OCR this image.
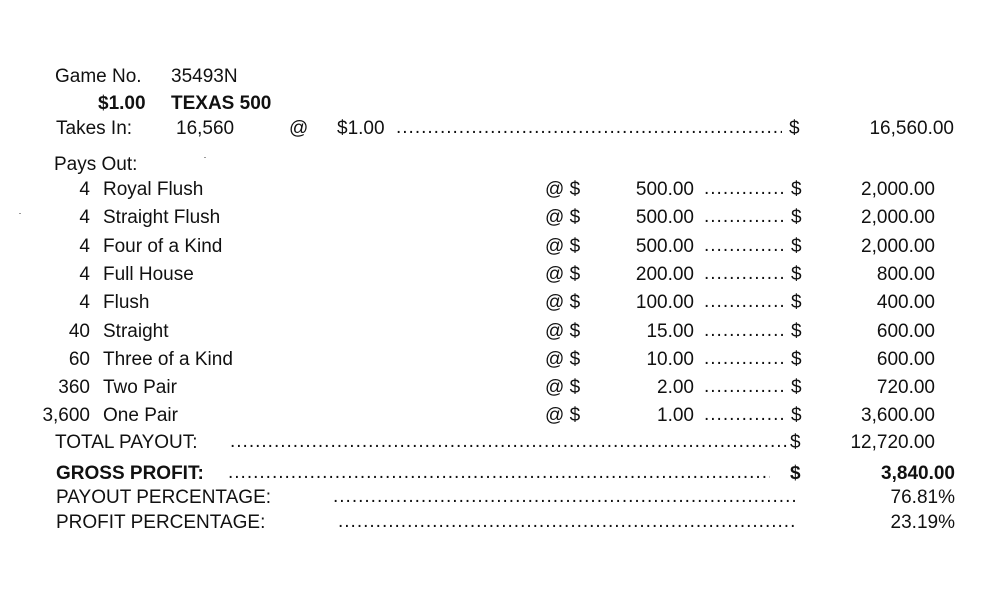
Game No. 35493N
$1.00 TEXAS 500
Takes In: 16,560	@ $1.00 .....	$	16,560.00
Pays Out:
4 Royal Flush	@ $	500.00 .....	$	2,000.00
4 Straight Flush	@ $	500.00 .....	$	2,000.00
4 Four of a Kind	@ $	500.00 .....	$	2,000.00
4 Full House	@ $	200.00 .....	$	800.00
4 Flush	@ $	100.00 .....	$	400.00
40 Straight	@ $	15.00 .....	$	600.00
60 Three of a Kind	@ $	10.00 .....	$	600.00
360 Two Pair	@ $	2.00 .....	$	720.00
3,600 One Pair	@ $	1.00 .....	$	3,600.00
TOTAL PAYOUT: .....	$	12,720.00
GROSS PROFIT: .....	$	3,840.00
PAYOUT PERCENTAGE: .....	76.81%
PROFIT PERCENTAGE: .....	23.19%
